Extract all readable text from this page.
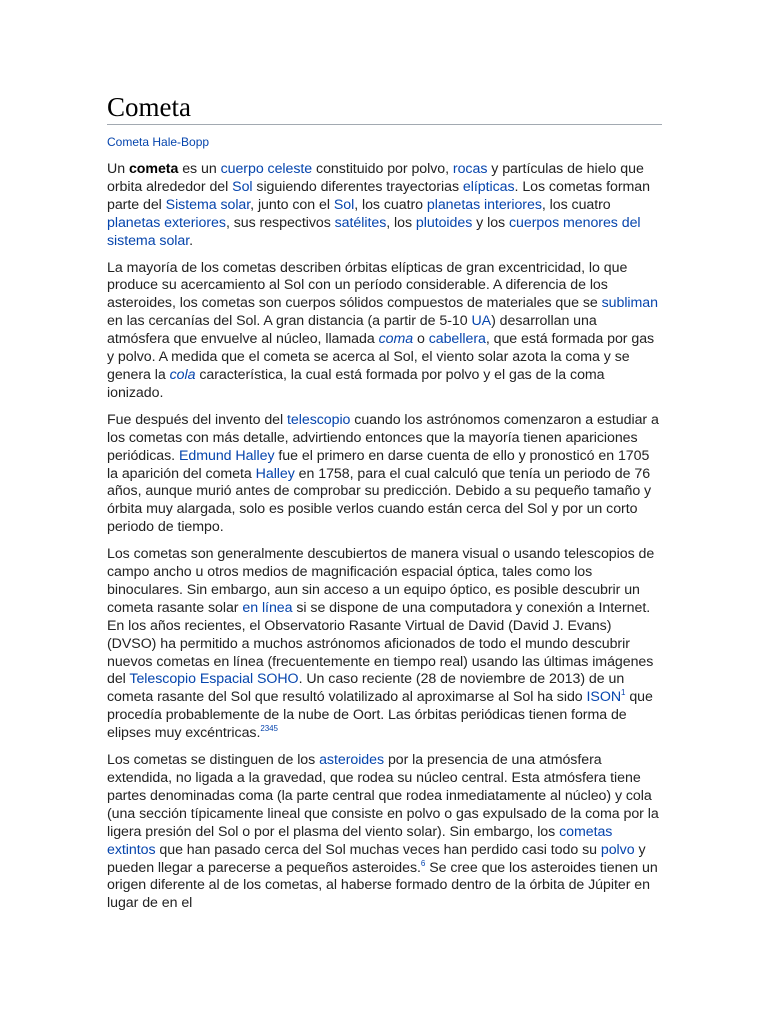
Cometa
Cometa Hale-Bopp

Un cometa es un cuerpo celeste constituido por polvo, rocas y partículas de hielo que orbita alrededor del Sol siguiendo diferentes trayectorias elípticas. Los cometas forman parte del Sistema solar, junto con el Sol, los cuatro planetas interiores, los cuatro planetas exteriores, sus respectivos satélites, los plutoides y los cuerpos menores del sistema solar.

La mayoría de los cometas describen órbitas elípticas de gran excentricidad, lo que produce su acercamiento al Sol con un período considerable. A diferencia de los asteroides, los cometas son cuerpos sólidos compuestos de materiales que se subliman en las cercanías del Sol. A gran distancia (a partir de 5-10 UA) desarrollan una atmósfera que envuelve al núcleo, llamada coma o cabellera, que está formada por gas y polvo. A medida que el cometa se acerca al Sol, el viento solar azota la coma y se genera la cola característica, la cual está formada por polvo y el gas de la coma ionizado.

Fue después del invento del telescopio cuando los astrónomos comenzaron a estudiar a los cometas con más detalle, advirtiendo entonces que la mayoría tienen apariciones periódicas. Edmund Halley fue el primero en darse cuenta de ello y pronosticó en 1705 la aparición del cometa Halley en 1758, para el cual calculó que tenía un periodo de 76 años, aunque murió antes de comprobar su predicción. Debido a su pequeño tamaño y órbita muy alargada, solo es posible verlos cuando están cerca del Sol y por un corto periodo de tiempo.

Los cometas son generalmente descubiertos de manera visual o usando telescopios de campo ancho u otros medios de magnificación espacial óptica, tales como los binoculares. Sin embargo, aun sin acceso a un equipo óptico, es posible descubrir un cometa rasante solar en línea si se dispone de una computadora y conexión a Internet. En los años recientes, el Observatorio Rasante Virtual de David (David J. Evans) (DVSO) ha permitido a muchos astrónomos aficionados de todo el mundo descubrir nuevos cometas en línea (frecuentemente en tiempo real) usando las últimas imágenes del Telescopio Espacial SOHO. Un caso reciente (28 de noviembre de 2013) de un cometa rasante del Sol que resultó volatilizado al aproximarse al Sol ha sido ISON$^1$ que procedía probablemente de la nube de Oort. Las órbitas periódicas tienen forma de elipses muy excéntricas.$^{2345}$

Los cometas se distinguen de los asteroides por la presencia de una atmósfera extendida, no ligada a la gravedad, que rodea su núcleo central. Esta atmósfera tiene partes denominadas coma (la parte central que rodea inmediatamente al núcleo) y cola (una sección típicamente lineal que consiste en polvo o gas expulsado de la coma por la ligera presión del Sol o por el plasma del viento solar). Sin embargo, los cometas extintos que han pasado cerca del Sol muchas veces han perdido casi todo su polvo y pueden llegar a parecerse a pequeños asteroides.$^6$ Se cree que los asteroides tienen un origen diferente al de los cometas, al haberse formado dentro de la órbita de Júpiter en lugar de en el
